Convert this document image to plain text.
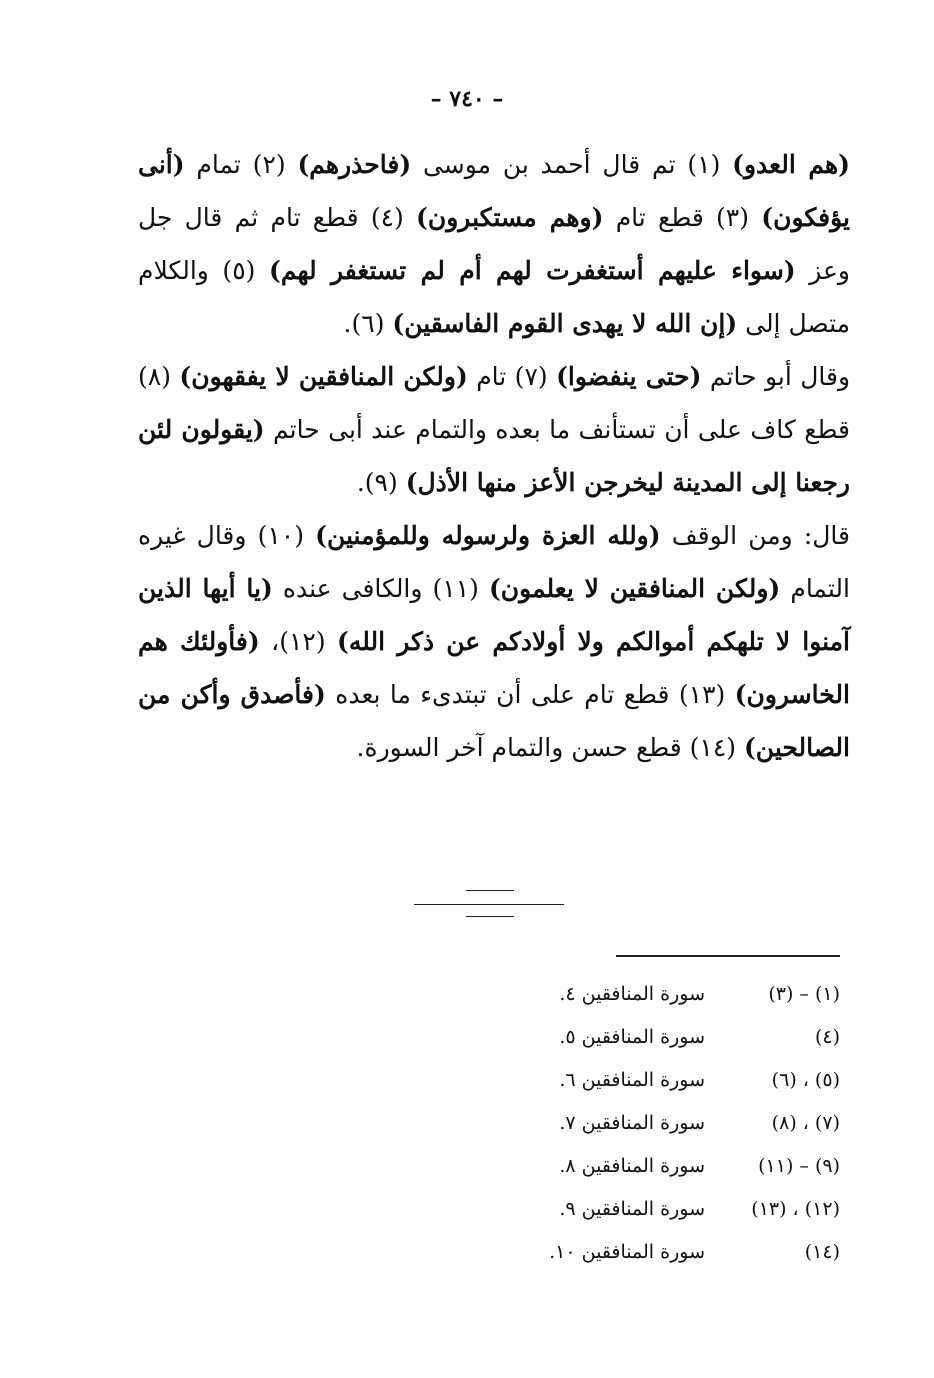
– ٧٤٠ –

(هم العدو) (١) تم قال أحمد بن موسى (فاحذرهم) (٢) تمام (أنى يؤفكون) (٣) قطع تام (وهم مستكبرون) (٤) قطع تام ثم قال جل وعز (سواء عليهم أستغفرت لهم أم لم تستغفر لهم) (٥) والكلام متصل إلى (إن الله لا يهدى القوم الفاسقين) (٦).

وقال أبو حاتم (حتى ينفضوا) (٧) تام (ولكن المنافقين لا يفقهون) (٨) قطع كاف على أن تستأنف ما بعده والتمام عند أبى حاتم (يقولون لئن رجعنا إلى المدينة ليخرجن الأعز منها الأذل) (٩).

قال: ومن الوقف (ولله العزة ولرسوله وللمؤمنين) (١٠) وقال غيره التمام (ولكن المنافقين لا يعلمون) (١١) والكافى عنده (يا أيها الذين آمنوا لا تلهكم أموالكم ولا أولادكم عن ذكر الله) (١٢)، (فأولئك هم الخاسرون) (١٣) قطع تام على أن تبتدىء ما بعده (فأصدق وأكن من الصالحين) (١٤) قطع حسن والتمام آخر السورة.

(١) – (٣)
سورة المنافقين ٤.
(٤)
سورة المنافقين ٥.
(٥) ، (٦)
سورة المنافقين ٦.
(٧) ، (٨)
سورة المنافقين ٧.
(٩) – (١١)
سورة المنافقين ٨.
(١٢) ، (١٣)
سورة المنافقين ٩.
(١٤)
سورة المنافقين ١٠.
